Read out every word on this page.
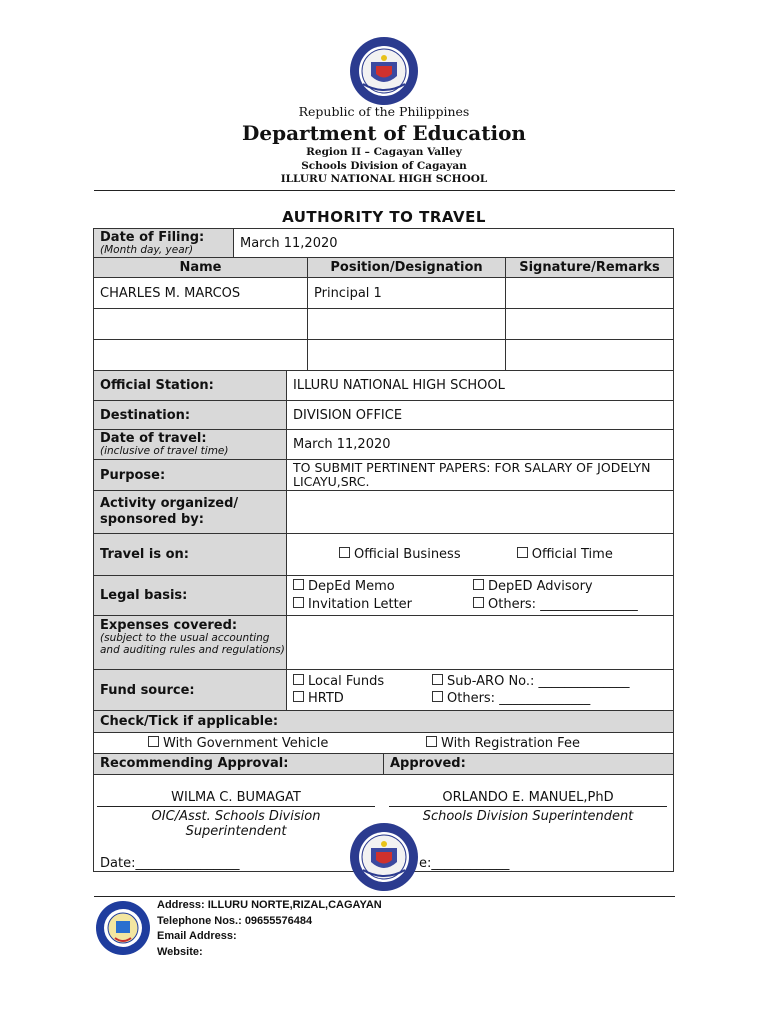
Republic of the Philippines
Department of Education
Region II – Cagayan Valley
Schools Division of Cagayan
ILLURU NATIONAL HIGH SCHOOL
AUTHORITY TO TRAVEL
Date of Filing:
(Month day, year)	March 11,2020		
Name		Position/Designation	Signature/Remarks
CHARLES M. MARCOS		Principal 1	

Official Station:	ILLURU NATIONAL HIGH SCHOOL
Destination:	DIVISION OFFICE
Date of travel:
(inclusive of travel time)	March 11,2020
Purpose:	TO SUBMIT PERTINENT PAPERS: FOR SALARY OF JODELYN LICAYU,SRC.
Activity organized/
sponsored by:	
Travel is on:	Official Business Official Time
Legal basis:	DepEd Memo DepED Advisory
Invitation Letter Others: _______________

Expenses covered:
(subject to the usual accounting and auditing rules and regulations)	

Fund source:	Local Funds Sub-ARO No.: ______________
HRTD Others: ______________

Check/Tick if applicable:	
With Government Vehicle With Registration Fee	

Recommending Approval: Approved:	

WILMA C. BUMAGAT
OIC/Asst. Schools Division Superintendent
ORLANDO E. MANUEL,PhD
Schools Division Superintendent
Date:________________	e:____________
Address: ILLURU NORTE,RIZAL,CAGAYAN
Telephone Nos.: 09655576484
Email Address:
Website:
